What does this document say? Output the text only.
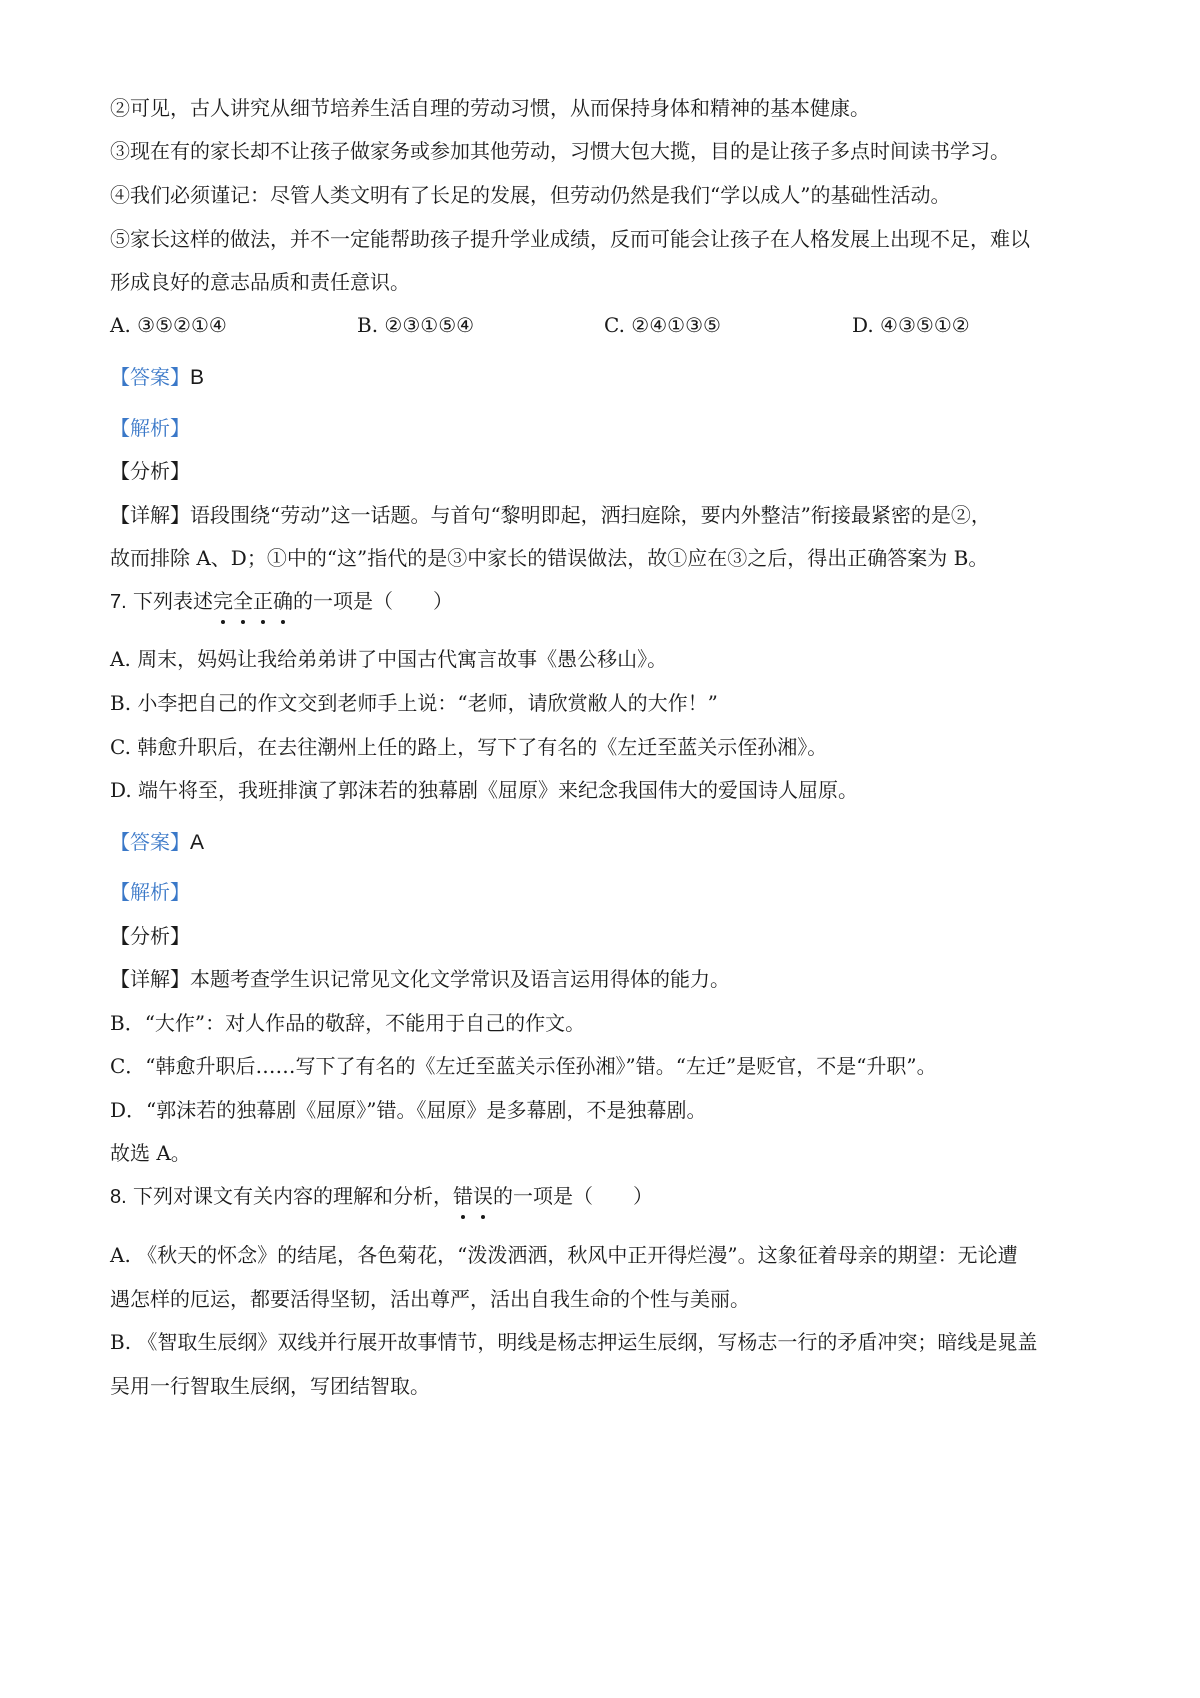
②可见，古人讲究从细节培养生活自理的劳动习惯，从而保持身体和精神的基本健康。
③现在有的家长却不让孩子做家务或参加其他劳动，习惯大包大揽，目的是让孩子多点时间读书学习。
④我们必须谨记：尽管人类文明有了长足的发展，但劳动仍然是我们“学以成人”的基础性活动。
⑤家长这样的做法，并不一定能帮助孩子提升学业成绩，反而可能会让孩子在人格发展上出现不足，难以
形成良好的意志品质和责任意识。
A. ③⑤②①④	B. ②③①⑤④	C. ②④①③⑤	D. ④③⑤①②
【答案】B
【解析】
【分析】
【详解】语段围绕“劳动”这一话题。与首句“黎明即起，洒扫庭除，要内外整洁”衔接最紧密的是②，
故而排除 A、D；①中的“这”指代的是③中家长的错误做法，故①应在③之后，得出正确答案为 B。
7. 下列表述完全正确的一项是（　　）
A. 周末，妈妈让我给弟弟讲了中国古代寓言故事《愚公移山》。
B. 小李把自己的作文交到老师手上说：“老师，请欣赏敝人的大作！”
C. 韩愈升职后，在去往潮州上任的路上，写下了有名的《左迁至蓝关示侄孙湘》。
D. 端午将至，我班排演了郭沫若的独幕剧《屈原》来纪念我国伟大的爱国诗人屈原。
【答案】A
【解析】
【分析】
【详解】本题考查学生识记常见文化文学常识及语言运用得体的能力。
B．“大作”：对人作品的敬辞，不能用于自己的作文。
C．“韩愈升职后……写下了有名的《左迁至蓝关示侄孙湘》”错。“左迁”是贬官，不是“升职”。
D．“郭沫若的独幕剧《屈原》”错。《屈原》是多幕剧，不是独幕剧。
故选 A。
8. 下列对课文有关内容的理解和分析，错误的一项是（　　）
A. 《秋天的怀念》的结尾，各色菊花，“泼泼洒洒，秋风中正开得烂漫”。这象征着母亲的期望：无论遭
遇怎样的厄运，都要活得坚韧，活出尊严，活出自我生命的个性与美丽。
B. 《智取生辰纲》双线并行展开故事情节，明线是杨志押运生辰纲，写杨志一行的矛盾冲突；暗线是晁盖
吴用一行智取生辰纲，写团结智取。
